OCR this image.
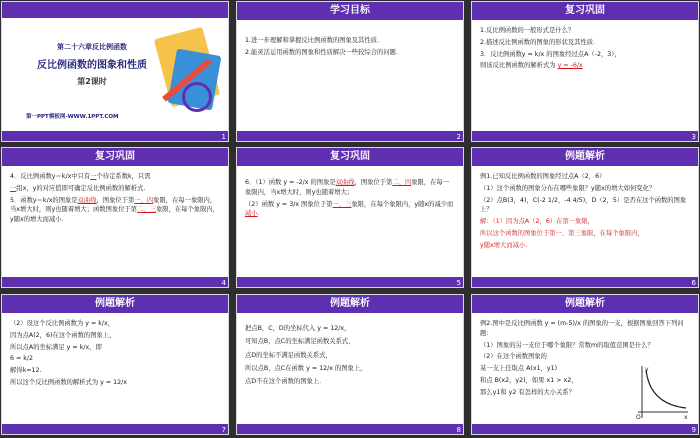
第二十六章反比例函数
反比例函数的图象和性质
第2课时
第一PPT模板网-WWW.1PPT.COM
1
学习目标

1.进一步理解和掌握反比例函数的图象及其性质.

2.能灵活运用函数的图象和性质解决一些较综合的问题.

2
复习巩固

1.反比例函数的一般形式是什么？

2.描述反比例函数的图象的形状及其性质.

3．反比例函数y = k/x 的图象经过点A（-2，3），

则该反比例函数的解析式为 y = -6/x

3
复习巩固

4．反比例函数y＝k/x中只有一个待定系数k，只需

一组x，y的对应值即可确定反比例函数的解析式.

5．函数y＝k/x的图象是双曲线，图象位于第一、四象限，在每一象限内，当x增大时，则y也随着增大；函数图象位于第二、三象限，在每个象限内，y随x的增大而减小.

4
复习巩固

6．（1）函数 y = -2/x 的图象是双曲线，图象位于第二、四象限，在每一象限内，当x增大时，则y也随着增大；

（2）函数 y = 3/x 图象位于第一、三象限，在每个象限内，y随x的减少而减小.

5
例题解析

例1.已知反比例函数的图象经过点A（2，6）

（1）这个函数的图象分布在哪些象限？y随x的增大如何变化？

（2）点B(3，4)，C(-2 1/2，-4 4/5)，D（2，5）是否在这个函数的图象上？

解：（1）因为点A（2，6）在第一象限，

所以这个函数的图象位于第一、第三象限，在每个象限内，

y随x增大而减小.

6
例题解析

（2）设这个反比例函数为 y = k/x，

因为点A(2，6)在这个函数的图象上，

所以点A的坐标满足 y = k/x，即

6 = k/2

解得k=12.

所以这个反比例函数的解析式为 y = 12/x

7
例题解析

把点B，C，D的坐标代入 y = 12/x，

可知点B，点C的坐标满足函数关系式，

点D的坐标不满足函数关系式，

所以点B，点C在函数 y = 12/x 的图象上，

点D不在这个函数的图象上.

8
例题解析

例2.图中是反比例函数 y = (m-5)/x 的图象的一支，根据图象回答下列问题：

（1）图象的另一支位于哪个象限？常数m的取值范围是什么？

（2）在这个函数图象的

某一支上任取点 A(x1，y1)

和点 B(x2，y2)，如果 x1 > x2，

那么y1和 y2 有怎样的大小关系？

x
y
O
9
